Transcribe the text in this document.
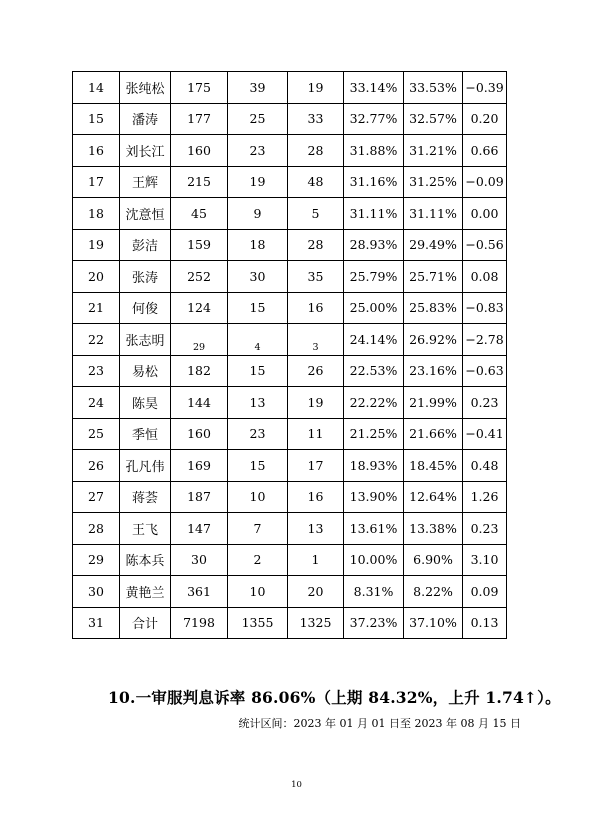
14	张纯松	175	39	19	33.14%	33.53%	−0.39
15	潘涛	177	25	33	32.77%	32.57%	0.20
16	刘长江	160	23	28	31.88%	31.21%	0.66
17	王辉	215	19	48	31.16%	31.25%	−0.09
18	沈意恒	45	9	5	31.11%	31.11%	0.00
19	彭洁	159	18	28	28.93%	29.49%	−0.56
20	张涛	252	30	35	25.79%	25.71%	0.08
21	何俊	124	15	16	25.00%	25.83%	−0.83
22	张志明	29	4	3	24.14%	26.92%	−2.78
23	易松	182	15	26	22.53%	23.16%	−0.63
24	陈昊	144	13	19	22.22%	21.99%	0.23
25	季恒	160	23	11	21.25%	21.66%	−0.41
26	孔凡伟	169	15	17	18.93%	18.45%	0.48
27	蒋荟	187	10	16	13.90%	12.64%	1.26
28	王飞	147	7	13	13.61%	13.38%	0.23
29	陈本兵	30	2	1	10.00%	6.90%	3.10
30	黄艳兰	361	10	20	8.31%	8.22%	0.09
31	合计	7198	1355	1325	37.23%	37.10%	0.13
10.一审服判息诉率 86.06%（上期 84.32%，上升 1.74↑）。
统计区间：2023 年 01 月 01 日至 2023 年 08 月 15 日
10
